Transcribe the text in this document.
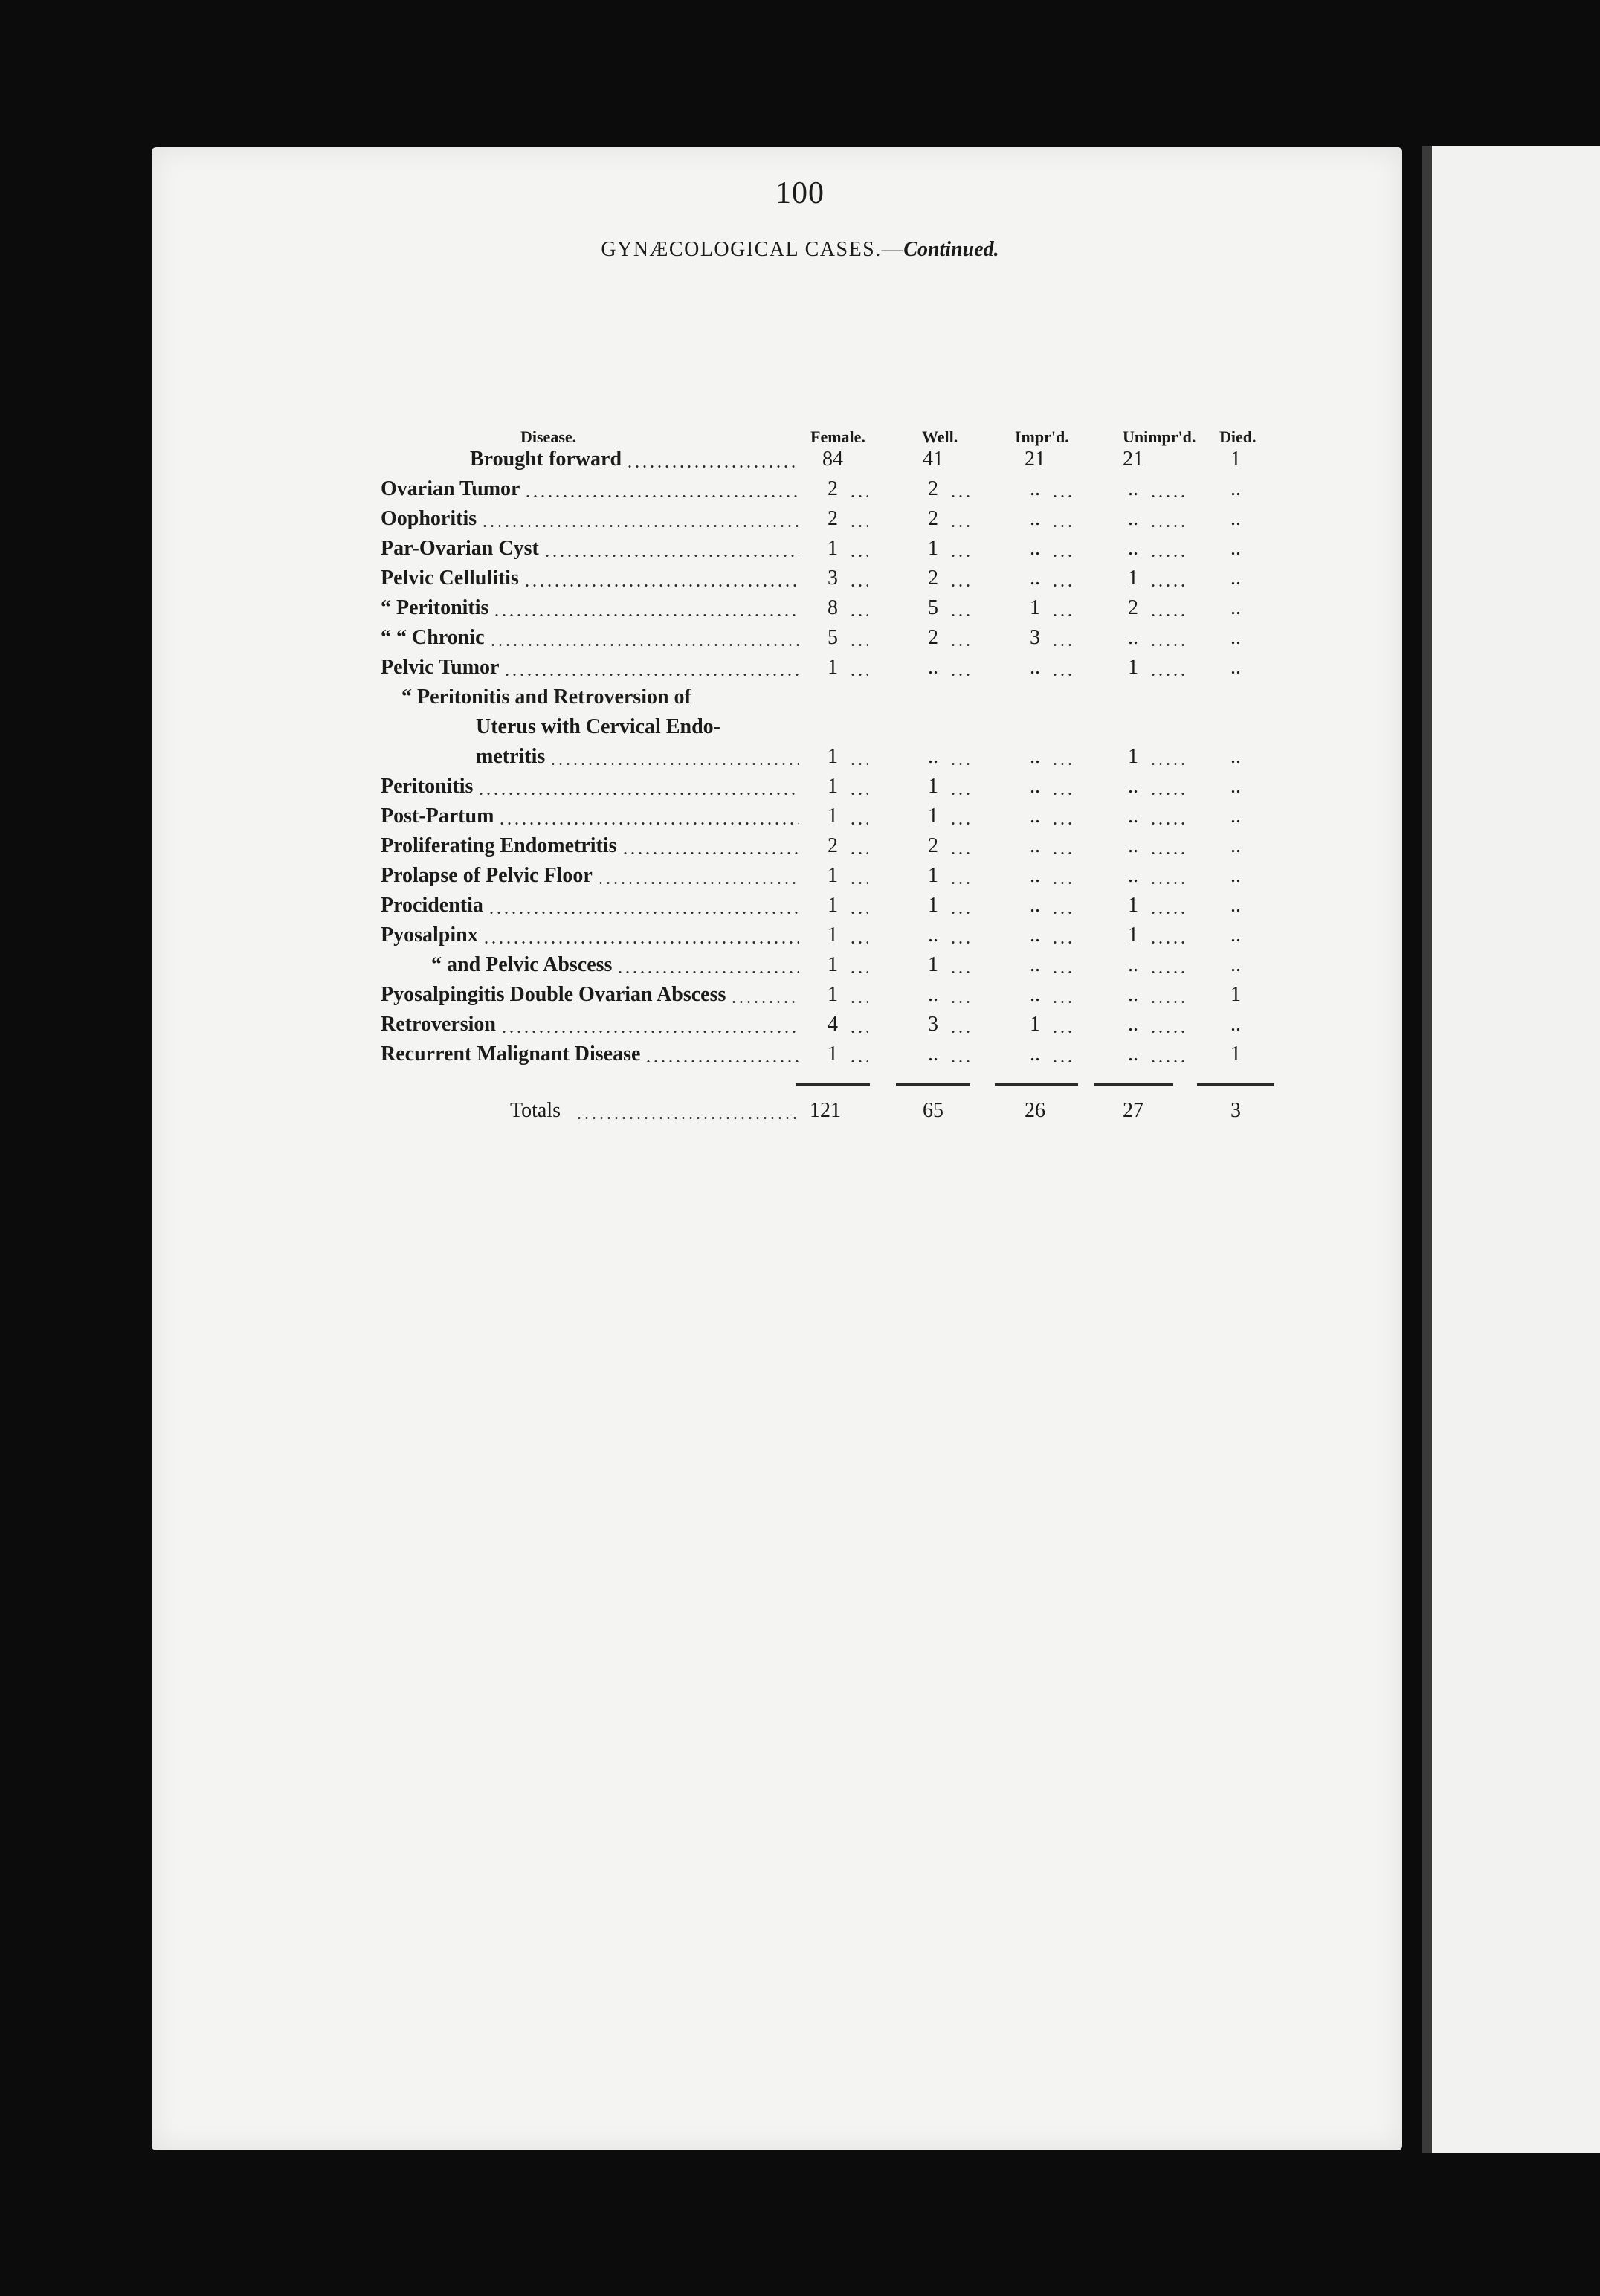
100
GYNÆCOLOGICAL CASES.—Continued.
Disease.	Female.	Well.	Impr'd.	Unimpr'd. Died.
Brought forward	84	41	21	21	1
Ovarian Tumor	2	2	..	..	..
Oophoritis	2	2	..	..	..
Par-Ovarian Cyst	1	1	..	..	..
Pelvic Cellulitis	3	2	..	1	..
“ Peritonitis	8	5	1	2	..
“ “ Chronic	5	2	3	..	..
Pelvic Tumor	1	..	..	1	..
“ Peritonitis and Retroversion of
Uterus with Cervical Endo-
metritis	1	..	..	1	..
Peritonitis	1	1	..	..	..
Post-Partum	1	1	..	..	..
Proliferating Endometritis	2	2	..	..	..
Prolapse of Pelvic Floor	1	1	..	..	..
Procidentia	1	1	..	1	..
Pyosalpinx	1	..	..	1	..
“ and Pelvic Abscess	1	1	..	..	..
Pyosalpingitis Double Ovarian Abscess	1	..	..	..	1
Retroversion	4	3	1	..	..
Recurrent Malignant Disease	1	..	..	..	1
Totals	121	65	26	27	3
